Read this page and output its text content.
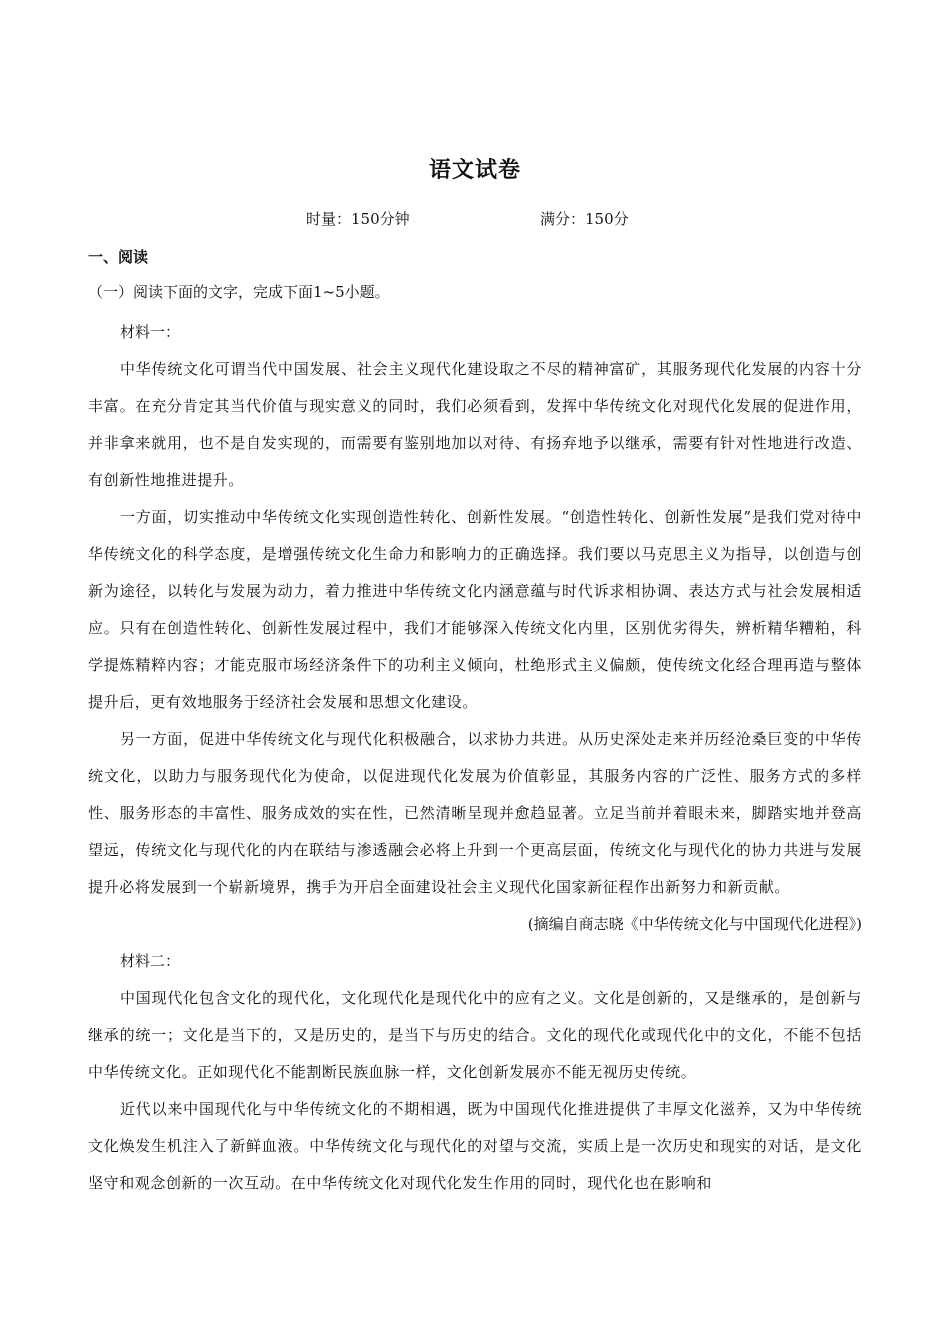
语文试卷
时量：150分钟	满分：150分
一、阅读
（一）阅读下面的文字，完成下面1~5小题。

材料一：

中华传统文化可谓当代中国发展、社会主义现代化建设取之不尽的精神富矿，其服务现代化发展的内容十分丰富。在充分肯定其当代价值与现实意义的同时，我们必须看到，发挥中华传统文化对现代化发展的促进作用，并非拿来就用，也不是自发实现的，而需要有鉴别地加以对待、有扬弃地予以继承，需要有针对性地进行改造、有创新性地推进提升。

一方面，切实推动中华传统文化实现创造性转化、创新性发展。“创造性转化、创新性发展”是我们党对待中华传统文化的科学态度，是增强传统文化生命力和影响力的正确选择。我们要以马克思主义为指导，以创造与创新为途径，以转化与发展为动力，着力推进中华传统文化内涵意蕴与时代诉求相协调、表达方式与社会发展相适应。只有在创造性转化、创新性发展过程中，我们才能够深入传统文化内里，区别优劣得失，辨析精华糟粕，科学提炼精粹内容；才能克服市场经济条件下的功利主义倾向，杜绝形式主义偏颇，使传统文化经合理再造与整体提升后，更有效地服务于经济社会发展和思想文化建设。

另一方面，促进中华传统文化与现代化积极融合，以求协力共进。从历史深处走来并历经沧桑巨变的中华传统文化，以助力与服务现代化为使命，以促进现代化发展为价值彰显，其服务内容的广泛性、服务方式的多样性、服务形态的丰富性、服务成效的实在性，已然清晰呈现并愈趋显著。立足当前并着眼未来，脚踏实地并登高望远，传统文化与现代化的内在联结与渗透融会必将上升到一个更高层面，传统文化与现代化的协力共进与发展提升必将发展到一个崭新境界，携手为开启全面建设社会主义现代化国家新征程作出新努力和新贡献。

(摘编自商志晓《中华传统文化与中国现代化进程》)

材料二：

中国现代化包含文化的现代化，文化现代化是现代化中的应有之义。文化是创新的，又是继承的，是创新与继承的统一；文化是当下的，又是历史的，是当下与历史的结合。文化的现代化或现代化中的文化，不能不包括中华传统文化。正如现代化不能割断民族血脉一样，文化创新发展亦不能无视历史传统。

近代以来中国现代化与中华传统文化的不期相遇，既为中国现代化推进提供了丰厚文化滋养，又为中华传统文化焕发生机注入了新鲜血液。中华传统文化与现代化的对望与交流，实质上是一次历史和现实的对话，是文化坚守和观念创新的一次互动。在中华传统文化对现代化发生作用的同时，现代化也在影响和
